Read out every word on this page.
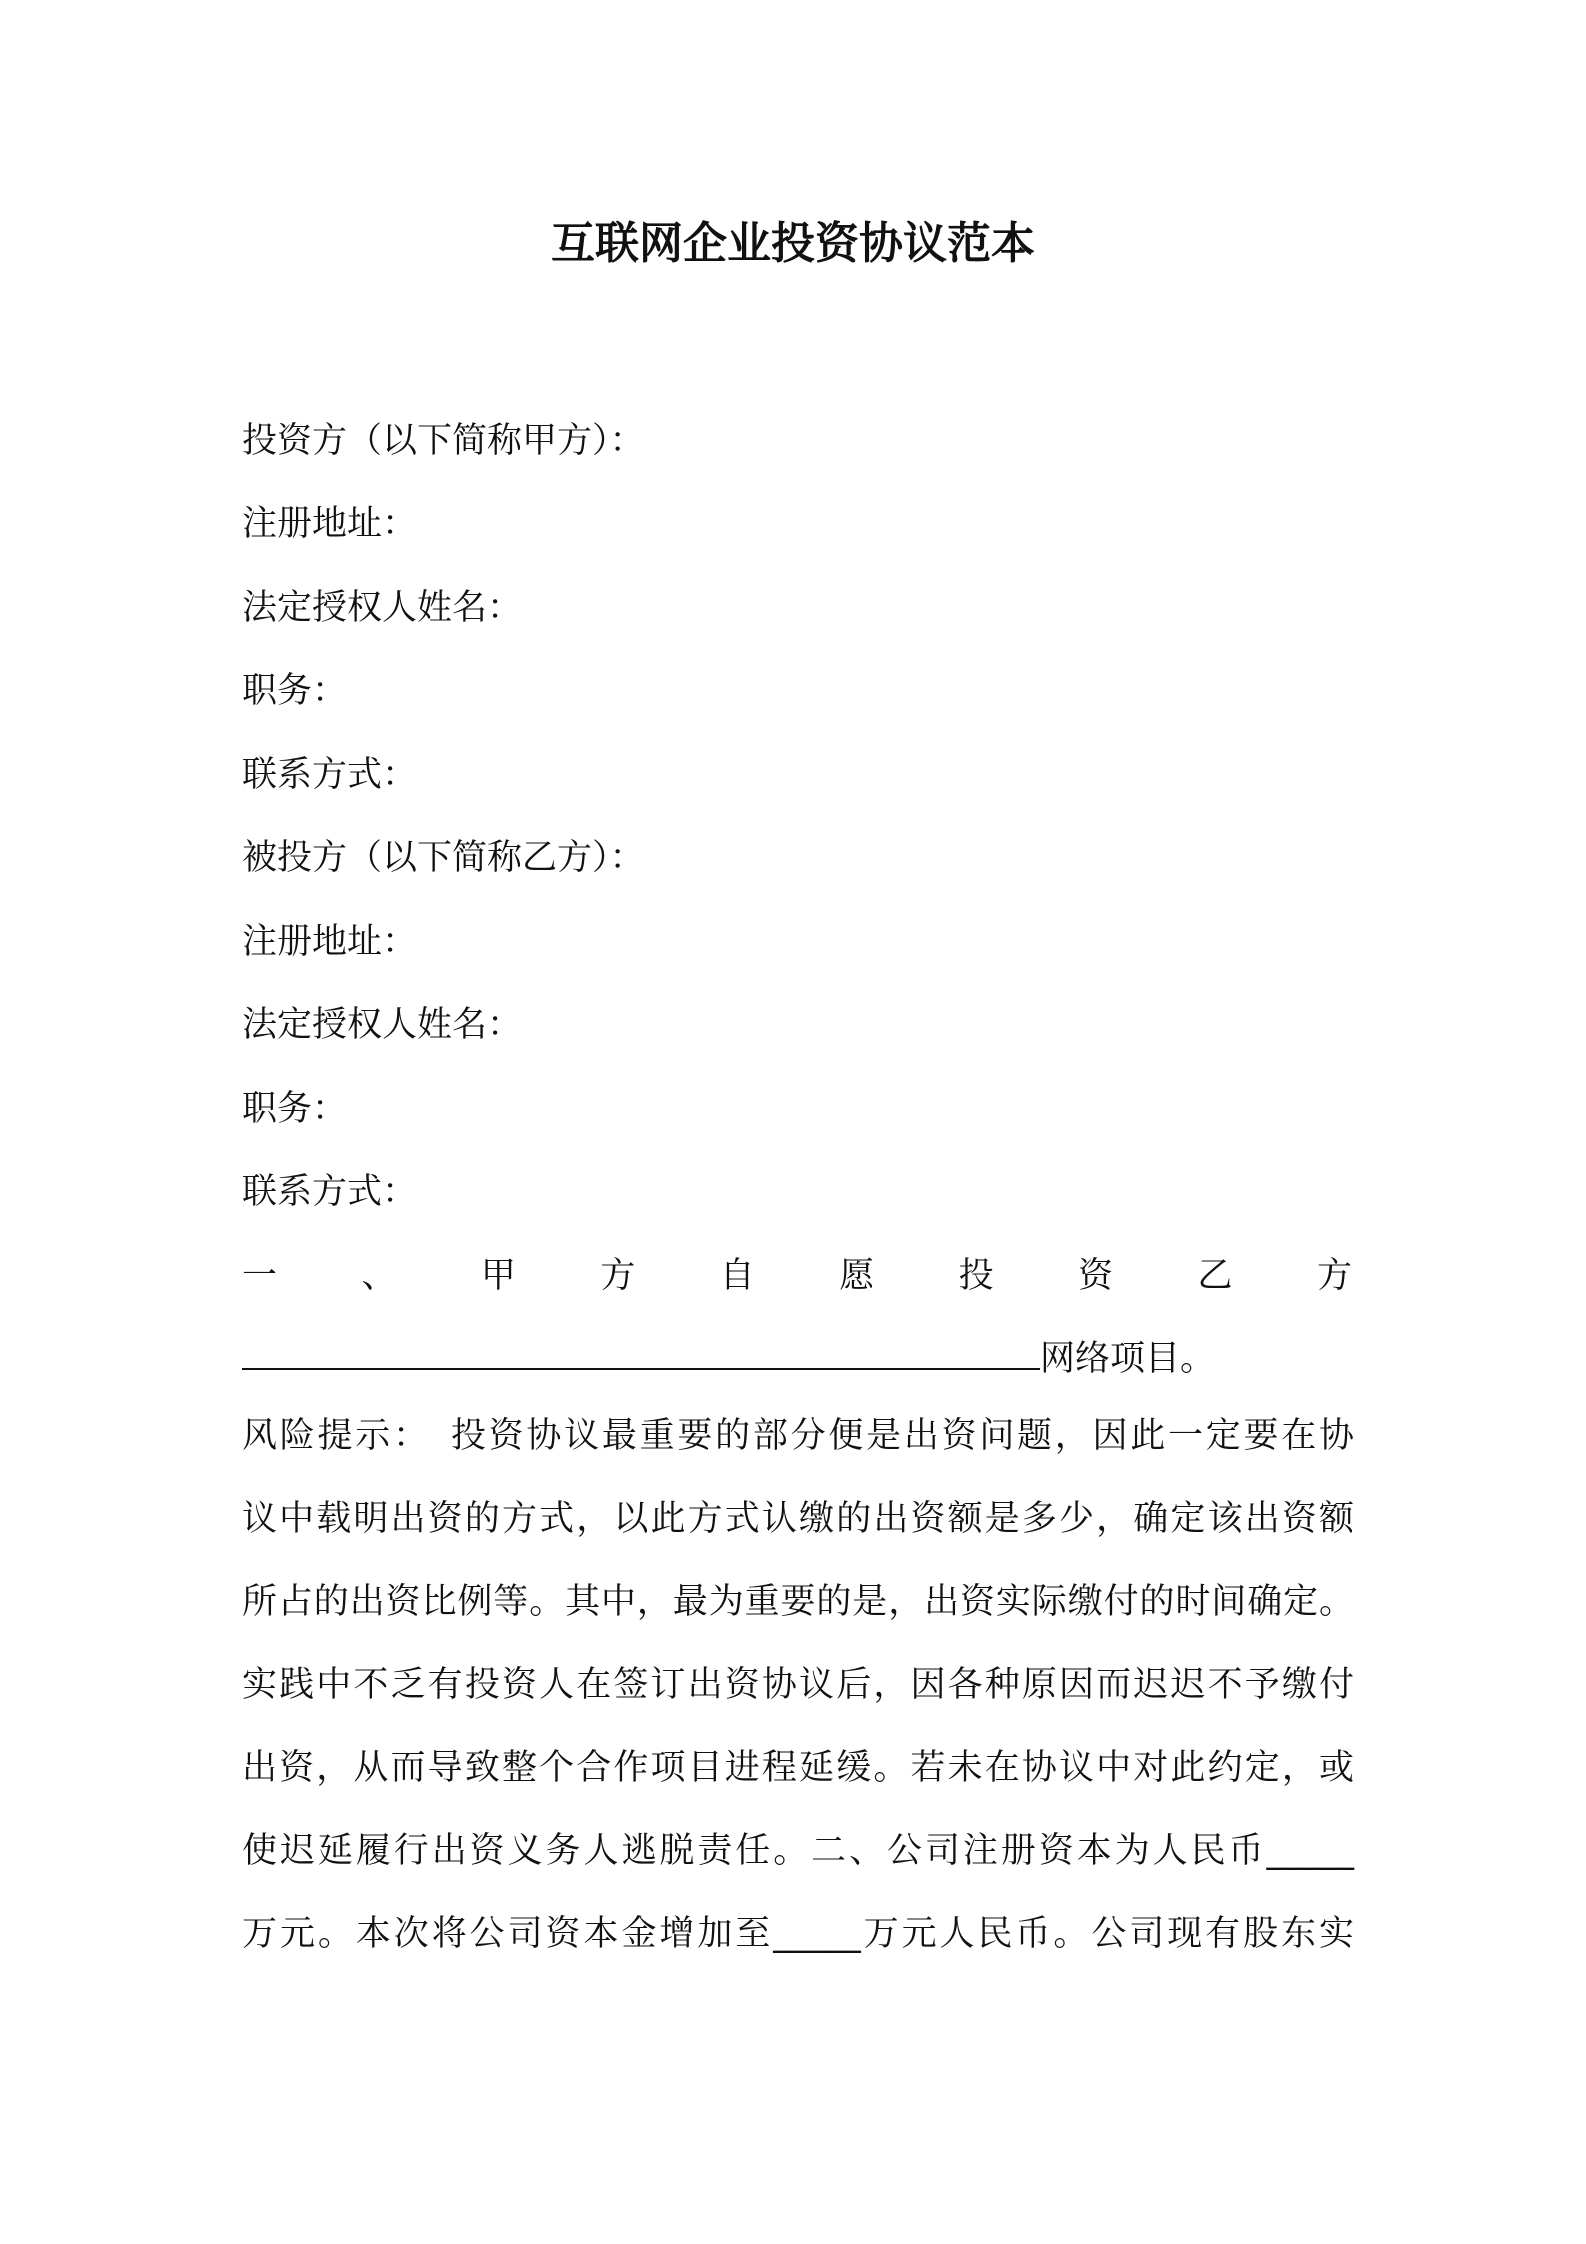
互联网企业投资协议范本
投资方（以下简称甲方）：
注册地址：
法定授权人姓名：
职务：
联系方式：
被投方（以下简称乙方）：
注册地址：
法定授权人姓名：
职务：
联系方式：
一 、 甲 方 自 愿 投 资 乙 方
网络项目。
风险提示：　投资协议最重要的部分便是出资问题，因此一定要在协
议中载明出资的方式，以此方式认缴的出资额是多少，确定该出资额
所占的出资比例等。其中，最为重要的是，出资实际缴付的时间确定。
实践中不乏有投资人在签订出资协议后，因各种原因而迟迟不予缴付
出资，从而导致整个合作项目进程延缓。若未在协议中对此约定，或
使迟延履行出资义务人逃脱责任。二、公司注册资本为人民币_____
万元。本次将公司资本金增加至_____万元人民币。公司现有股东实
